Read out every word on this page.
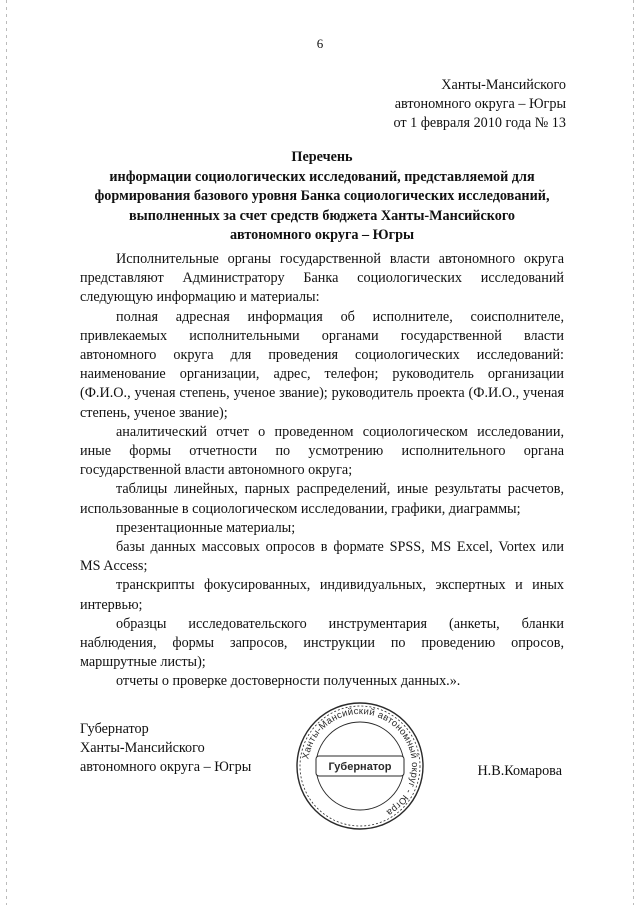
6
Ханты-Мансийского
автономного округа – Югры
от 1 февраля 2010 года № 13
Перечень
информации социологических исследований, представляемой для
формирования базового уровня Банка социологических исследований,
выполненных за счет средств бюджета Ханты-Мансийского
автономного округа – Югры

Исполнительные органы государственной власти автономного округа представляют Администратору Банка социологических исследований следующую информацию и материалы:

полная адресная информация об исполнителе, соисполнителе, привлекаемых исполнительными органами государственной власти автономного округа для проведения социологических исследований: наименование организации, адрес, телефон; руководитель организации (Ф.И.О., ученая степень, ученое звание); руководитель проекта (Ф.И.О., ученая степень, ученое звание);

аналитический отчет о проведенном социологическом исследовании, иные формы отчетности по усмотрению исполнительного органа государственной власти автономного округа;

таблицы линейных, парных распределений, иные результаты расчетов, использованные в социологическом исследовании, графики, диаграммы;

презентационные материалы;

базы данных массовых опросов в формате SPSS, MS Excel, Vortex или MS Access;

транскрипты фокусированных, индивидуальных, экспертных и иных интервью;

образцы исследовательского инструментария (анкеты, бланки наблюдения, формы запросов, инструкции по проведению опросов, маршрутные листы);

отчеты о проверке достоверности полученных данных.».

Губернатор
Ханты-Мансийского
автономного округа – Югры
Ханты-Мансийский автономный округ - Югра
Губернатор	Н.В.Комарова
